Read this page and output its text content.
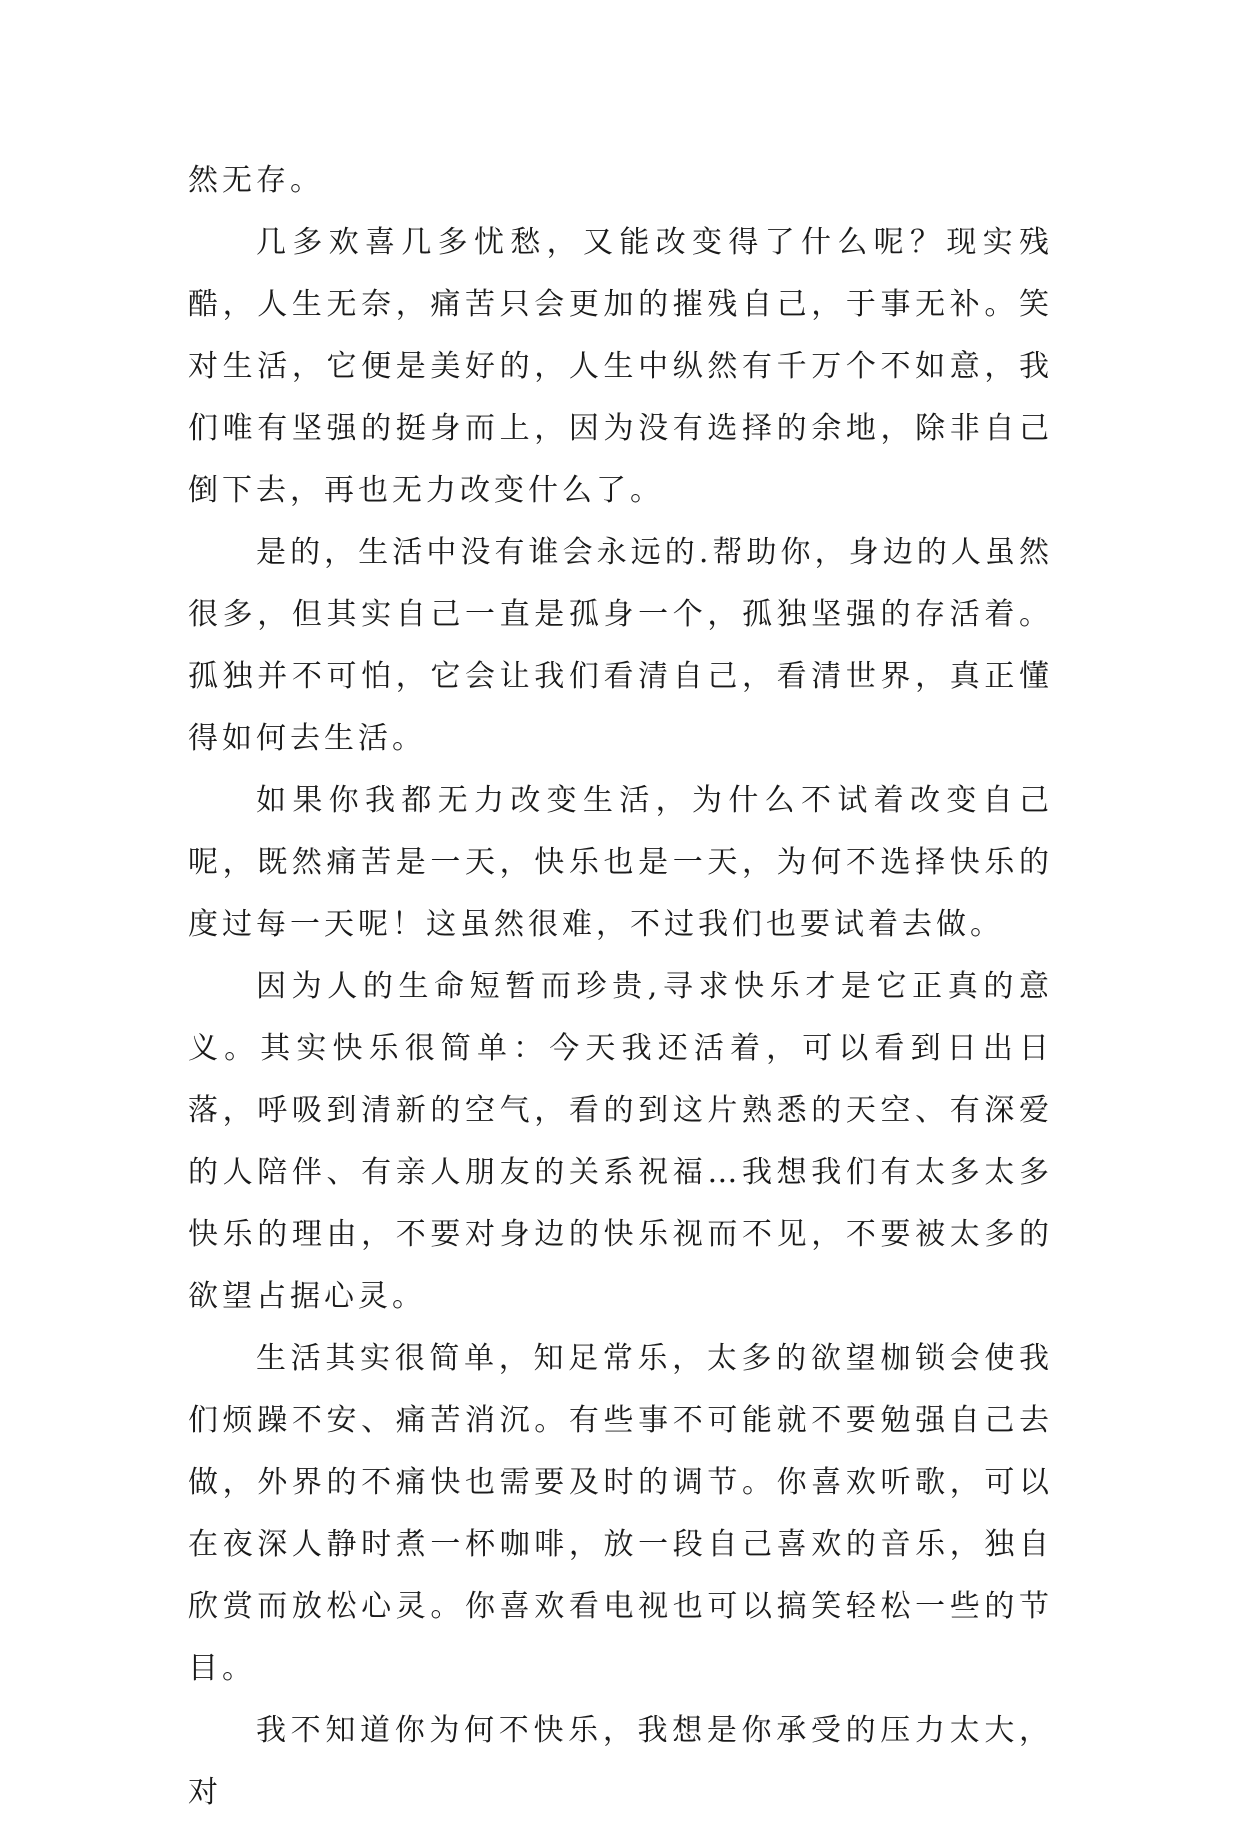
然无存。

几多欢喜几多忧愁，又能改变得了什么呢？现实残酷，人生无奈，痛苦只会更加的摧残自己，于事无补。笑对生活，它便是美好的，人生中纵然有千万个不如意，我们唯有坚强的挺身而上，因为没有选择的余地，除非自己倒下去，再也无力改变什么了。

是的，生活中没有谁会永远的.帮助你，身边的人虽然很多，但其实自己一直是孤身一个，孤独坚强的存活着。孤独并不可怕，它会让我们看清自己，看清世界，真正懂得如何去生活。

如果你我都无力改变生活，为什么不试着改变自己呢，既然痛苦是一天，快乐也是一天，为何不选择快乐的度过每一天呢！这虽然很难，不过我们也要试着去做。

因为人的生命短暂而珍贵,寻求快乐才是它正真的意义。其实快乐很简单：今天我还活着，可以看到日出日落，呼吸到清新的空气，看的到这片熟悉的天空、有深爱的人陪伴、有亲人朋友的关系祝福…我想我们有太多太多快乐的理由，不要对身边的快乐视而不见，不要被太多的欲望占据心灵。

生活其实很简单，知足常乐，太多的欲望枷锁会使我们烦躁不安、痛苦消沉。有些事不可能就不要勉强自己去做，外界的不痛快也需要及时的调节。你喜欢听歌，可以在夜深人静时煮一杯咖啡，放一段自己喜欢的音乐，独自欣赏而放松心灵。你喜欢看电视也可以搞笑轻松一些的节目。

我不知道你为何不快乐，我想是你承受的压力太大，对
